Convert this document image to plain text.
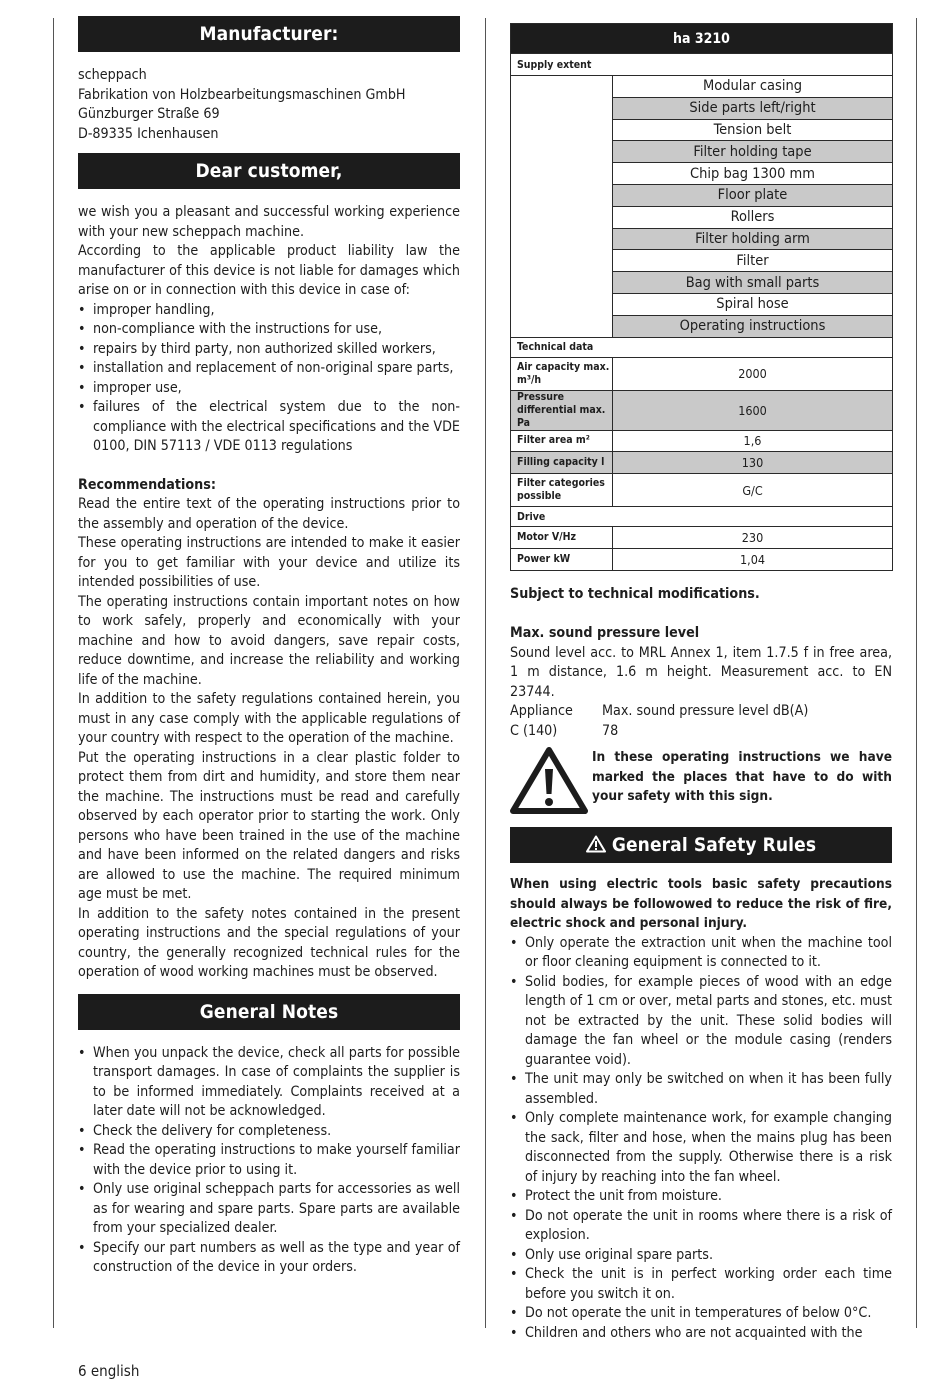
Manufacturer:
scheppach
Fabrikation von Holzbearbeitungsmaschinen GmbH
Günzburger Straße 69
D-89335 Ichenhausen
Dear customer,

we wish you a pleasant and successful working experience with your new scheppach machine.

According to the applicable product liability law the manufacturer of this device is not liable for damages which arise on or in connection with this device in case of:

• improper handling,
• non-compliance with the instructions for use,
• repairs by third party, non authorized skilled workers,
• installation and replacement of non-original spare parts,
• improper use,
• failures of the electrical system due to the non-compliance with the electrical specifications and the VDE 0100, DIN 57113 / VDE 0113 regulations
Recommendations:

Read the entire text of the operating instructions prior to the assembly and operation of the device.

These operating instructions are intended to make it easier for you to get familiar with your device and utilize its intended possibilities of use.

The operating instructions contain important notes on how to work safely, properly and economically with your machine and how to avoid dangers, save repair costs, reduce downtime, and increase the reliability and working life of the machine.

In addition to the safety regulations contained herein, you must in any case comply with the applicable regulations of your country with respect to the operation of the machine.

Put the operating instructions in a clear plastic folder to protect them from dirt and humidity, and store them near the machine. The instructions must be read and carefully observed by each operator prior to starting the work. Only persons who have been trained in the use of the machine and have been informed on the related dangers and risks are allowed to use the machine. The required minimum age must be met.

In addition to the safety notes contained in the present operating instructions and the special regulations of your country, the generally recognized technical rules for the operation of wood working machines must be observed.

General Notes
• When you unpack the device, check all parts for possible transport damages. In case of complaints the supplier is to be informed immediately. Complaints received at a later date will not be acknowledged.
• Check the delivery for completeness.
• Read the operating instructions to make yourself familiar with the device prior to using it.
• Only use original scheppach parts for accessories as well as for wearing and spare parts. Spare parts are available from your specialized dealer.
• Specify our part numbers as well as the type and year of construction of the device in your orders.
ha 3210	
Supply extent	
	Modular casing
	Side parts left/right
	Tension belt
	Filter holding tape
	Chip bag 1300 mm
	Floor plate
	Rollers
	Filter holding arm
	Filter
	Bag with small parts
	Spiral hose
	Operating instructions
Technical data	
Air capacity max. m³/h	2000
Pressure differential max. Pa	1600
Filter area m²	1,6
Filling capacity l	130
Filter categories possible	G/C
Drive	
Motor V/Hz	230
Power kW	1,04
Subject to technical modifications.
Max. sound pressure level

Sound level acc. to MRL Annex 1, item 1.7.5 f in free area, 1 m distance, 1.6 m height. Measurement acc. to EN 23744.

Appliance	Max. sound pressure level dB(A)
C (140)	78
In these operating instructions we have marked the places that have to do with your safety with this sign.
General Safety Rules

When using electric tools basic safety precautions should always be followowed to reduce the risk of fire, electric shock and personal injury.

• Only operate the extraction unit when the machine tool or floor cleaning equipment is connected to it.
• Solid bodies, for example pieces of wood with an edge length of 1 cm or over, metal parts and stones, etc. must not be extracted by the unit. These solid bodies will damage the fan wheel or the module casing (renders guarantee void).
• The unit may only be switched on when it has been fully assembled.
• Only complete maintenance work, for example changing the sack, filter and hose, when the mains plug has been disconnected from the supply. Otherwise there is a risk of injury by reaching into the fan wheel.
• Protect the unit from moisture.
• Do not operate the unit in rooms where there is a risk of explosion.
• Only use original spare parts.
• Check the unit is in perfect working order each time before you switch it on.
• Do not operate the unit in temperatures of below 0°C.
• Children and others who are not acquainted with the
6 english
